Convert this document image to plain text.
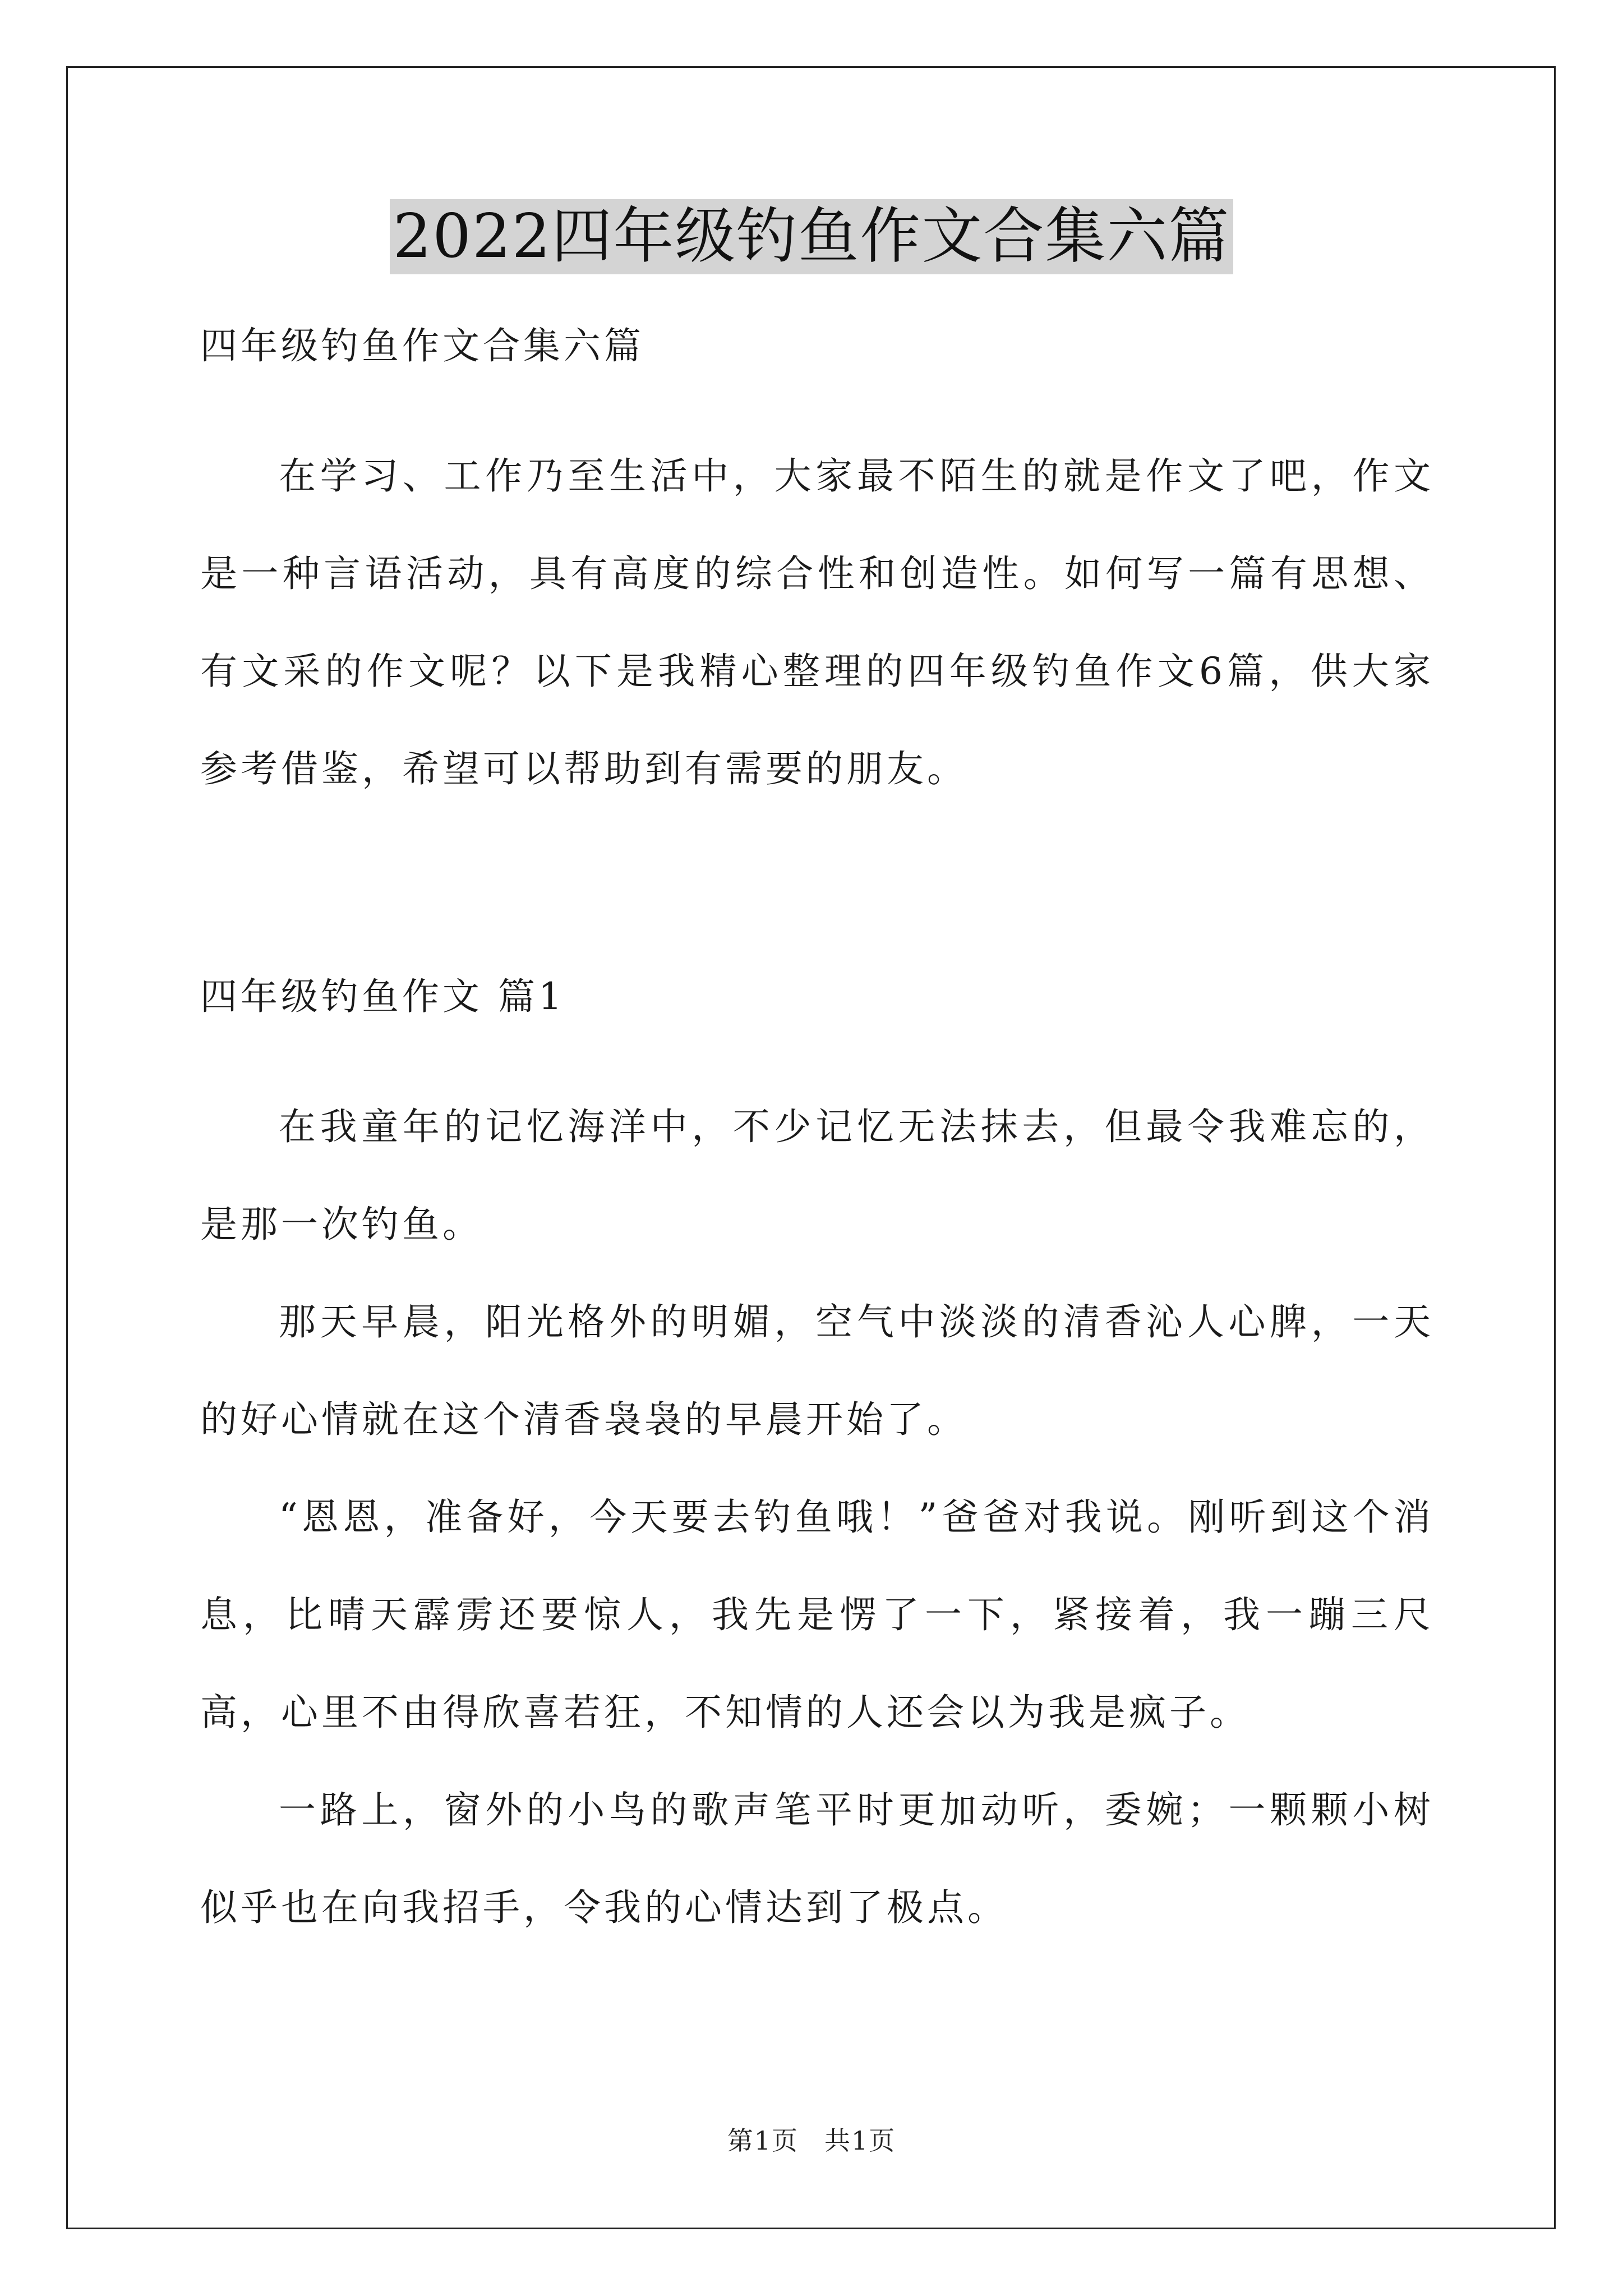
2022四年级钓鱼作文合集六篇

四年级钓鱼作文合集六篇

在学习、工作乃至生活中，大家最不陌生的就是作文了吧，作文是一种言语活动，具有高度的综合性和创造性。如何写一篇有思想、有文采的作文呢？以下是我精心整理的四年级钓鱼作文6篇，供大家参考借鉴，希望可以帮助到有需要的朋友。

四年级钓鱼作文 篇1

在我童年的记忆海洋中，不少记忆无法抹去，但最令我难忘的，是那一次钓鱼。

那天早晨，阳光格外的明媚，空气中淡淡的清香沁人心脾，一天的好心情就在这个清香袅袅的早晨开始了。

“恩恩，准备好，今天要去钓鱼哦！”爸爸对我说。刚听到这个消息，比晴天霹雳还要惊人，我先是愣了一下，紧接着，我一蹦三尺高，心里不由得欣喜若狂，不知情的人还会以为我是疯子。

一路上，窗外的小鸟的歌声笔平时更加动听，委婉；一颗颗小树似乎也在向我招手，令我的心情达到了极点。

第1页 共1页
